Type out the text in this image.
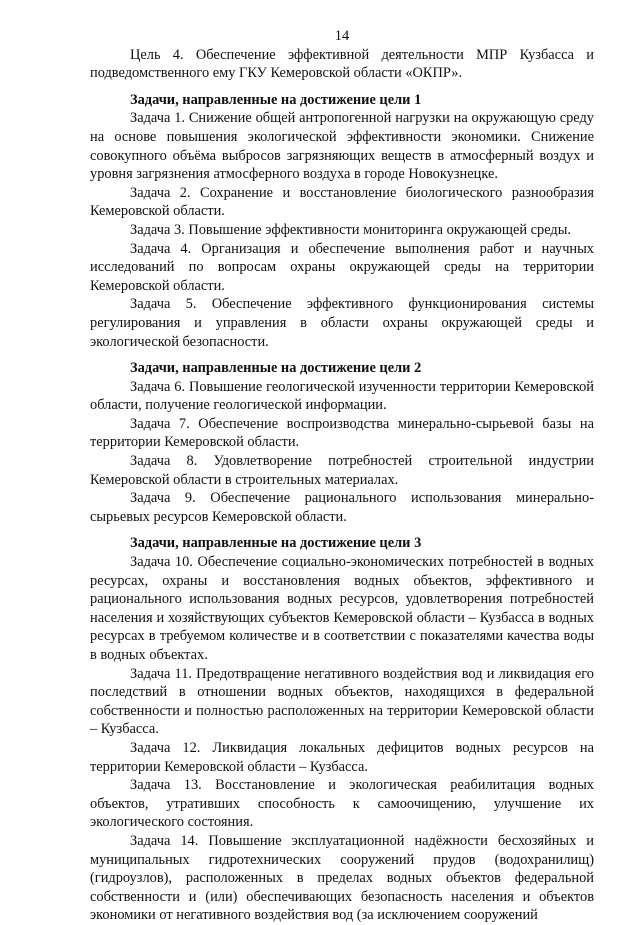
14

Цель 4. Обеспечение эффективной деятельности МПР Кузбасса и подведомственного ему ГКУ Кемеровской области «ОКПР».

Задачи, направленные на достижение цели 1

Задача 1. Снижение общей антропогенной нагрузки на окружающую среду на основе повышения экологической эффективности экономики. Снижение совокупного объёма выбросов загрязняющих веществ в атмосферный воздух и уровня загрязнения атмосферного воздуха в городе Новокузнецке.

Задача 2. Сохранение и восстановление биологического разнообразия Кемеровской области.

Задача 3. Повышение эффективности мониторинга окружающей среды.

Задача 4. Организация и обеспечение выполнения работ и научных исследований по вопросам охраны окружающей среды на территории Кемеровской области.

Задача 5. Обеспечение эффективного функционирования системы регулирования и управления в области охраны окружающей среды и экологической безопасности.

Задачи, направленные на достижение цели 2

Задача 6. Повышение геологической изученности территории Кемеровской области, получение геологической информации.

Задача 7. Обеспечение воспроизводства минерально-сырьевой базы на территории Кемеровской области.

Задача 8. Удовлетворение потребностей строительной индустрии Кемеровской области в строительных материалах.

Задача 9. Обеспечение рационального использования минерально-сырьевых ресурсов Кемеровской области.

Задачи, направленные на достижение цели 3

Задача 10. Обеспечение социально-экономических потребностей в водных ресурсах, охраны и восстановления водных объектов, эффективного и рационального использования водных ресурсов, удовлетворения потребностей населения и хозяйствующих субъектов Кемеровской области – Кузбасса в водных ресурсах в требуемом количестве и в соответствии с показателями качества воды в водных объектах.

Задача 11. Предотвращение негативного воздействия вод и ликвидация его последствий в отношении водных объектов, находящихся в федеральной собственности и полностью расположенных на территории Кемеровской области – Кузбасса.

Задача 12. Ликвидация локальных дефицитов водных ресурсов на территории Кемеровской области – Кузбасса.

Задача 13. Восстановление и экологическая реабилитация водных объектов, утративших способность к самоочищению, улучшение их экологического состояния.

Задача 14. Повышение эксплуатационной надёжности бесхозяйных и муниципальных гидротехнических сооружений прудов (водохранилищ) (гидроузлов), расположенных в пределах водных объектов федеральной собственности и (или) обеспечивающих безопасность населения и объектов экономики от негативного воздействия вод (за исключением сооружений
